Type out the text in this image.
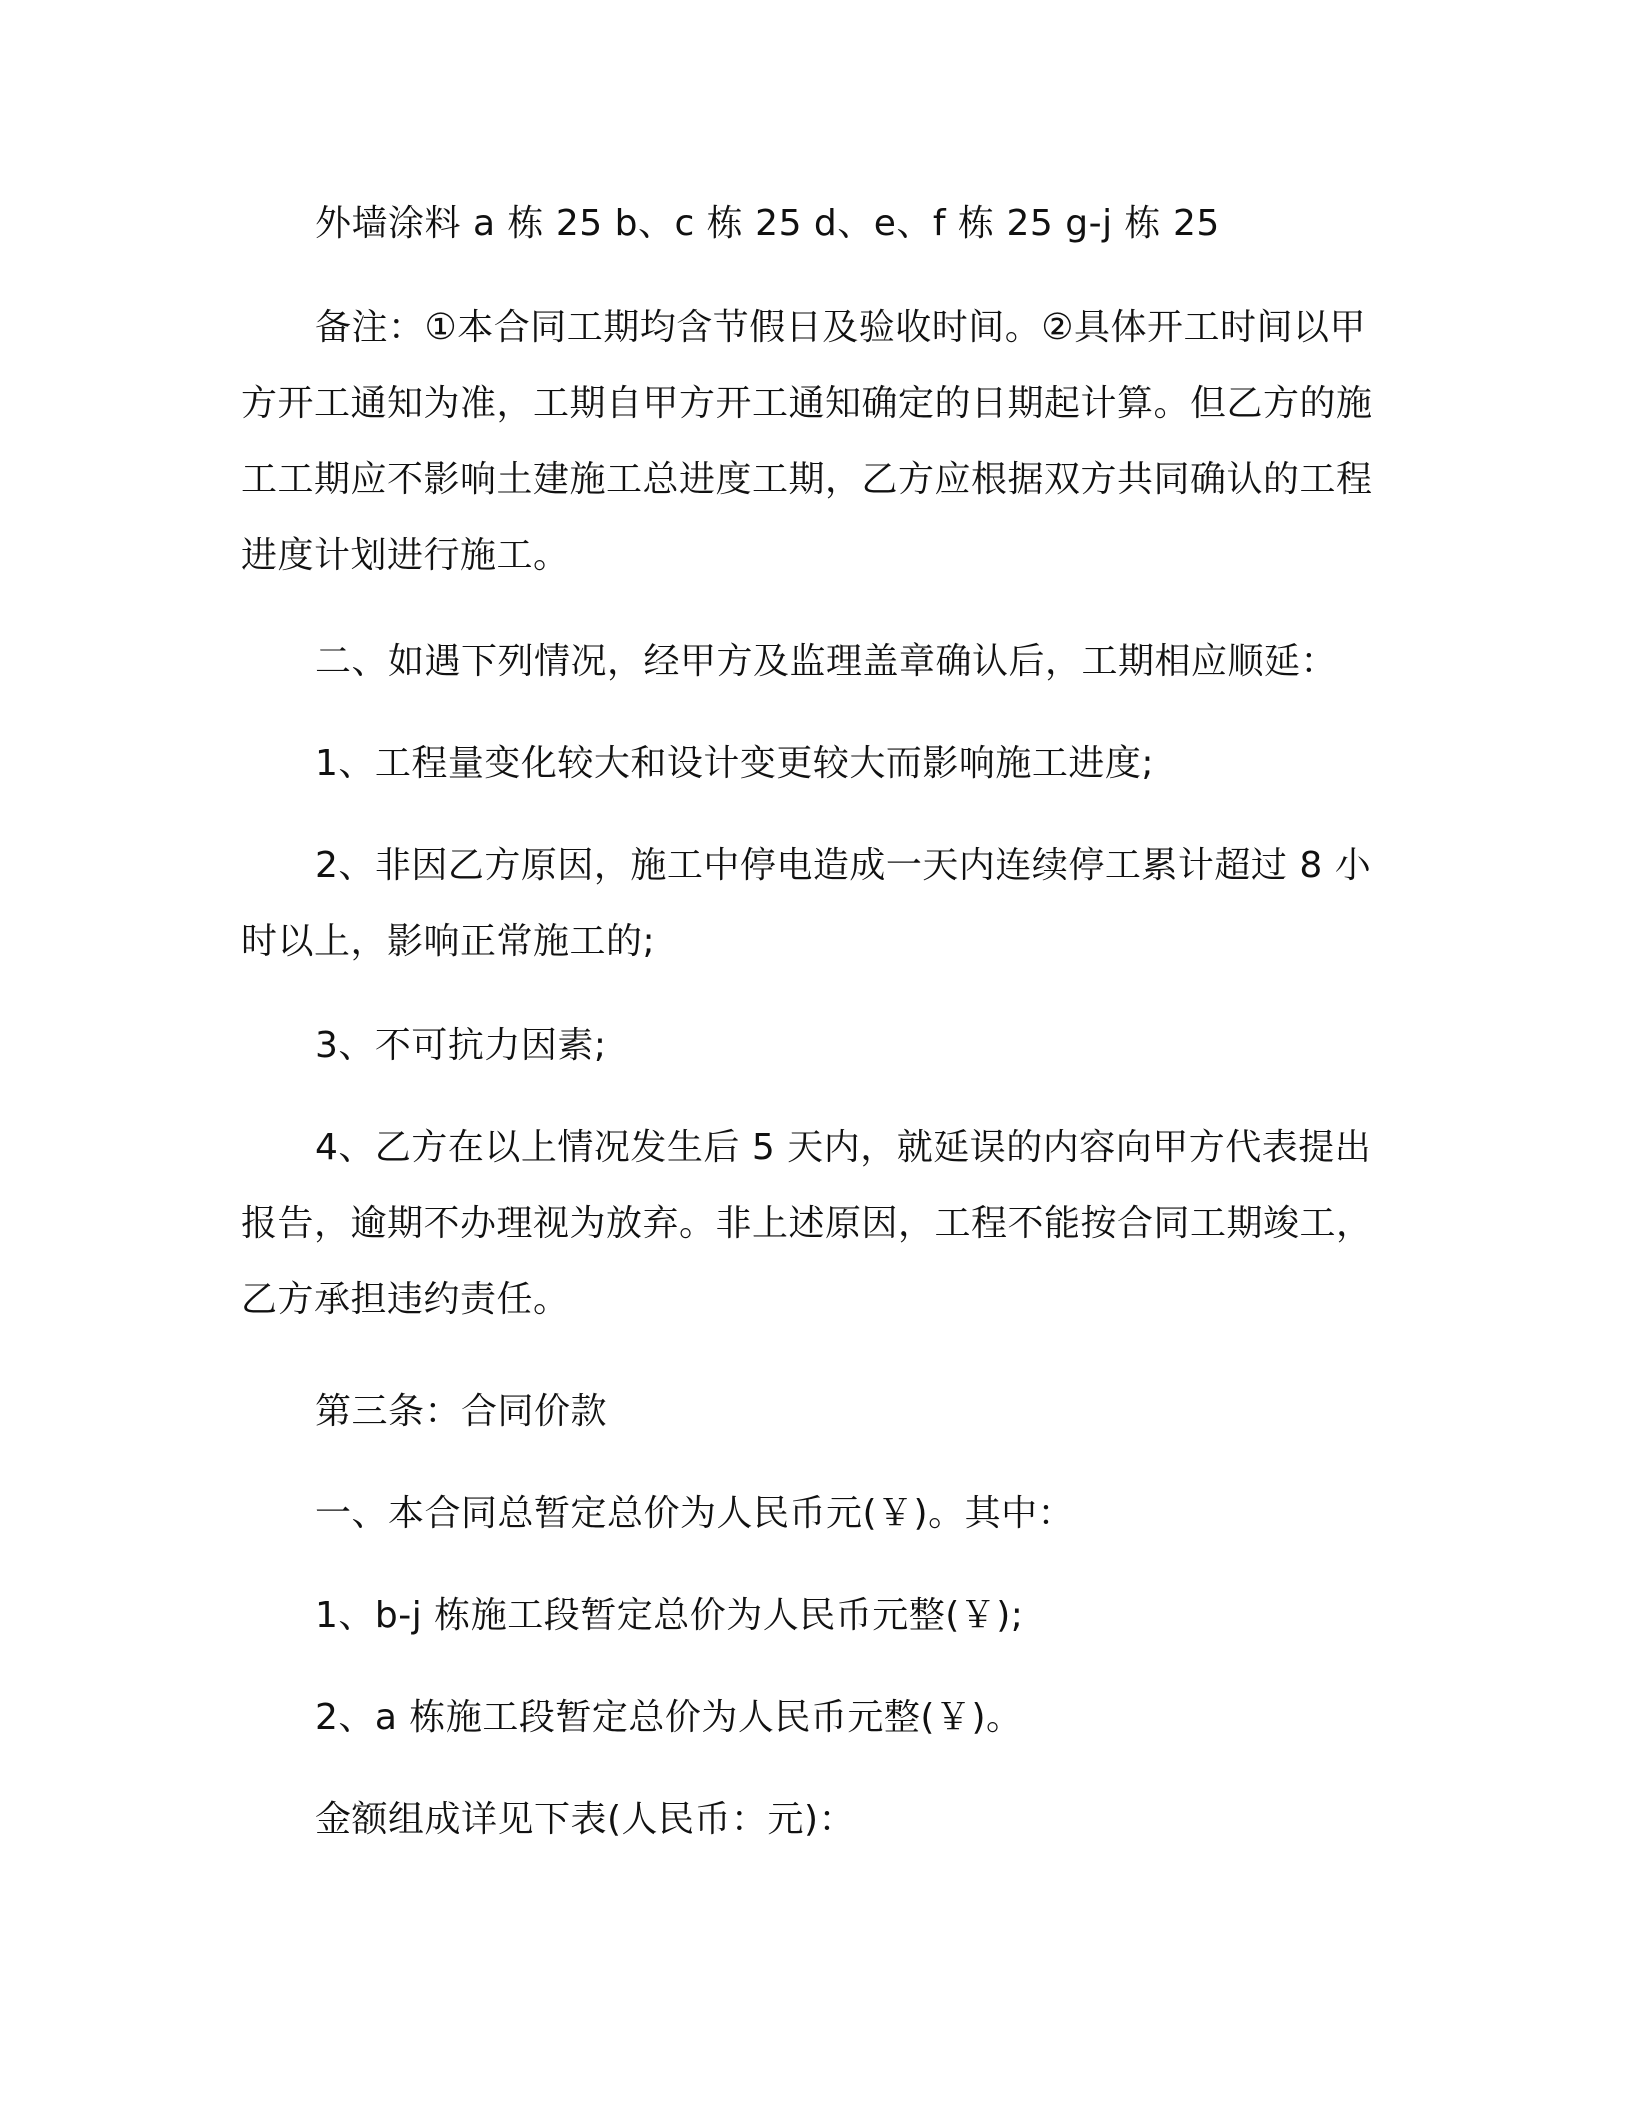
外墙涂料 a 栋 25 b、c 栋 25 d、e、f 栋 25 g-j 栋 25

备注：①本合同工期均含节假日及验收时间。②具体开工时间以甲方开工通知为准，工期自甲方开工通知确定的日期起计算。但乙方的施工工期应不影响土建施工总进度工期，乙方应根据双方共同确认的工程进度计划进行施工。

二、如遇下列情况，经甲方及监理盖章确认后，工期相应顺延：

1、工程量变化较大和设计变更较大而影响施工进度;

2、非因乙方原因，施工中停电造成一天内连续停工累计超过 8 小时以上，影响正常施工的;

3、不可抗力因素;

4、乙方在以上情况发生后 5 天内，就延误的内容向甲方代表提出报告，逾期不办理视为放弃。非上述原因，工程不能按合同工期竣工，乙方承担违约责任。

第三条：合同价款

一、本合同总暂定总价为人民币元(￥)。其中：

1、b-j 栋施工段暂定总价为人民币元整(￥);

2、a 栋施工段暂定总价为人民币元整(￥)。

金额组成详见下表(人民币：元)：
